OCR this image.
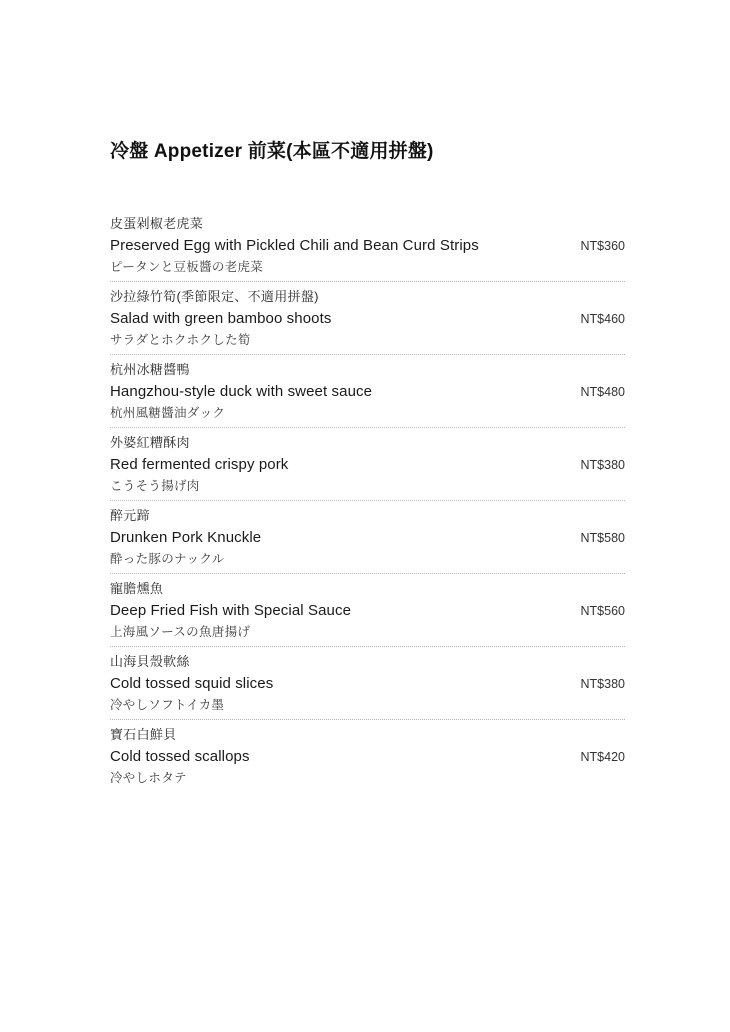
冷盤 Appetizer 前菜(本區不適用拼盤)
皮蛋剁椒老虎菜
Preserved Egg with Pickled Chili and Bean Curd Strips	NT$360
ピータンと豆板醬の老虎菜
沙拉綠竹筍(季節限定、不適用拼盤)
Salad with green bamboo shoots	NT$460
サラダとホクホクした筍
杭州冰糖醬鴨
Hangzhou-style duck with sweet sauce	NT$480
杭州風糖醬油ダック
外婆紅糟酥肉
Red fermented crispy pork	NT$380
こうそう揚げ肉
醉元蹄
Drunken Pork Knuckle	NT$580
酔った豚のナックル
寵膽燻魚
Deep Fried Fish with Special Sauce	NT$560
上海風ソースの魚唐揚げ
山海貝殼軟絲
Cold tossed squid slices	NT$380
冷やしソフトイカ墨
寶石白鮮貝
Cold tossed scallops	NT$420
冷やしホタテ
